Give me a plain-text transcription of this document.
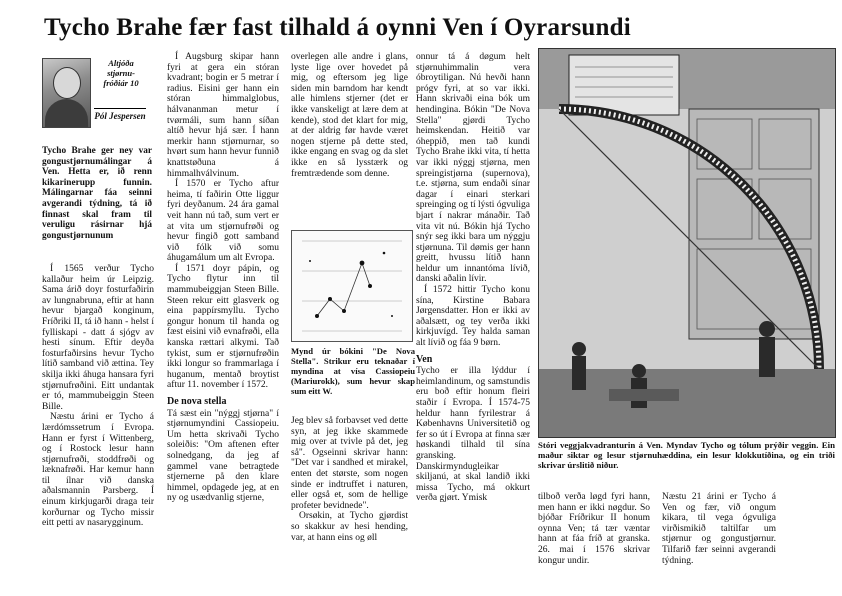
Tycho Brahe fær fast tilhald á oynni Ven í Oyrarsundi
Altjóða stjørnu-fróðiár 10
Pól Jespersen
Tycho Brahe ger ney var gongustjørnumálingar á Ven. Hetta er, ið renn kikarinerupp funnin. Málingarnar fáa seinni avgerandi týdning, tá ið finnast skal fram til veruligu rásirnar hjá gongustjørnunum

Í 1565 verður Tycho kallaður heim úr Leipzig. Sama árið doyr fosturfaðirin av lungnabruna, eftir at hann hevur bjargað konginum, Fríðriki II, tá ið hann - helst í fylliskapi - datt á sjógv av hesti sínum. Eftir deyða fosturfaðirsins hevur Tycho lítið samband við ættina. Tey skilja ikki áhuga hansara fyri stjørnufrøðini. Eitt undantak er tó, mammubeiggin Steen Bille.

Næstu árini er Tycho á lærdómssetrum í Evropa. Hann er fyrst í Wittenberg, og í Rostock lesur hann stjørnufrøði, stoddfrøði og læknafrøði. Har kemur hann til ílnar við danska aðalsmannin Parsberg. Í einum kirkjugarði draga teir korðurnar og Tycho missir eitt petti av nasarygginum.

Í Augsburg skipar hann fyri at gera ein stóran kvadrant; bogin er 5 metrar í radius. Eisini ger hann ein stóran himmalglobus, hálvananman metur í tvørmáli, sum hann síðan altíð hevur hjá sær. Í hann merkir hann stjørnurnar, so hvørt sum hann hevur funnið knattstøðuna á himmalhválvinum.

Í 1570 er Tycho aftur heima, tí faðirin Otte liggur fyri deyðanum. 24 ára gamal veit hann nú tað, sum vert er at vita um stjørnufrøði og hevur fingið gott samband við fólk við somu áhugamálum um alt Evropa.

Í 1571 doyr pápin, og Tycho flytur inn til mammubeiggjan Steen Bille. Steen rekur eitt glasverk og eina pappírsmyllu. Tycho gongur honum til handa og fæst eisini við evnafrøði, ella kanska rættari alkymi. Tað tykist, sum er stjørnufrøðin ikki longur so frammarlaga í huganum, mentað broytist aftur 11. november í 1572.

De nova stella

Tá sæst ein "nýggj stjørna" í stjørnumyndini Cassiopeiu. Um hetta skrivaði Tycho soleiðis: "Om aftenen efter solnedgang, da jeg af gammel vane betragtede stjernerne på den klare himmel, opdagede jeg, at en ny og usædvanlig stjerne,

overlegen alle andre i glans, lyste lige over hovedet på mig, og eftersom jeg lige siden min barndom har kendt alle himlens stjerner (det er ikke vanskeligt at lære dem at kende), stod det klart for mig, at der aldrig før havde været nogen stjerne på dette sted, ikke engang en svag og da slet ikke en så lysstærk og fremtrædende som denne.
Mynd úr bókini "De Nova Stella". Strikur eru teknaðar í myndina at vísa Cassiopeiu (Mariurokk), sum hevur skap sum eitt W.

Jeg blev så forbavset ved dette syn, at jeg ikke skammede mig over at tvivle på det, jeg så". Ogseinni skrivar hann: "Det var i sandhed et mirakel, enten det største, som nogen sinde er indtruffet i naturen, eller også et, som de hellige profeter bevidnede".

Orsøkin, at Tycho gjørdist so skakkur av hesi hending, var, at hann eins og øll

onnur tá á døgum helt stjørnuhimmalin vera óbroytiligan. Nú hevði hann prógv fyri, at so var ikki. Hann skrivaði eina bók um hendingina. Bókin "De Nova Stella" gjørdi Tycho heimskendan. Heitið var óheppið, men tað kundi Tycho Brahe ikki vita, tí hetta var ikki nýggj stjørna, men spreingistjørna (supernova), t.e. stjørna, sum endaði sínar dagar í einari sterkari spreinging og tí lýsti ógvuliga bjart í nakrar mánaðir. Tað vita vit nú. Bókin hjá Tycho snýr seg ikki bara um nýggju stjørnuna. Til dømis ger hann greitt, hvussu lítið hann heldur um innantóma lívið, danski aðalin lívir.

Í 1572 hittir Tycho konu sína, Kirstine Babara Jørgensdatter. Hon er ikki av aðalsætt, og tey verða ikki kirkjuvígd. Tey halda saman alt lívið og fáa 9 børn.

Ven

Tycho er illa lýddur í heimlandinum, og samstundis eru boð eftir honum fleiri staðir í Evropa. Í 1574-75 heldur hann fyrilestrar á Københavns Universitetið og fer so út í Evropa at finna sær høskandi tilhald til sína gransking. Danskirmyndugleikar skiljanú, at skal landið ikki missa Tycho, má okkurt verða gjørt. Ymisk

Stóri veggjakvadranturin á Ven. Myndav Tycho og tólum prýðir veggin. Ein maður siktar og lesur stjørnuhæddina, ein lesur klokkutíðina, og ein triði skrivar úrslitið niður.
tilboð verða løgd fyri hann, men hann er ikki nøgdur. So bjóðar Fríðrikur II honum oynna Ven; tá tær væntar hann at fáa fríð at granska. 26. mai í 1576 skrivar kongur undir.
Næstu 21 árini er Tycho á Ven og fær, við ongum kikara, til vega ógvuliga virðismikið taltilfar um stjørnur og gongustjørnur. Tilfarið fær seinni avgerandi týdning.
